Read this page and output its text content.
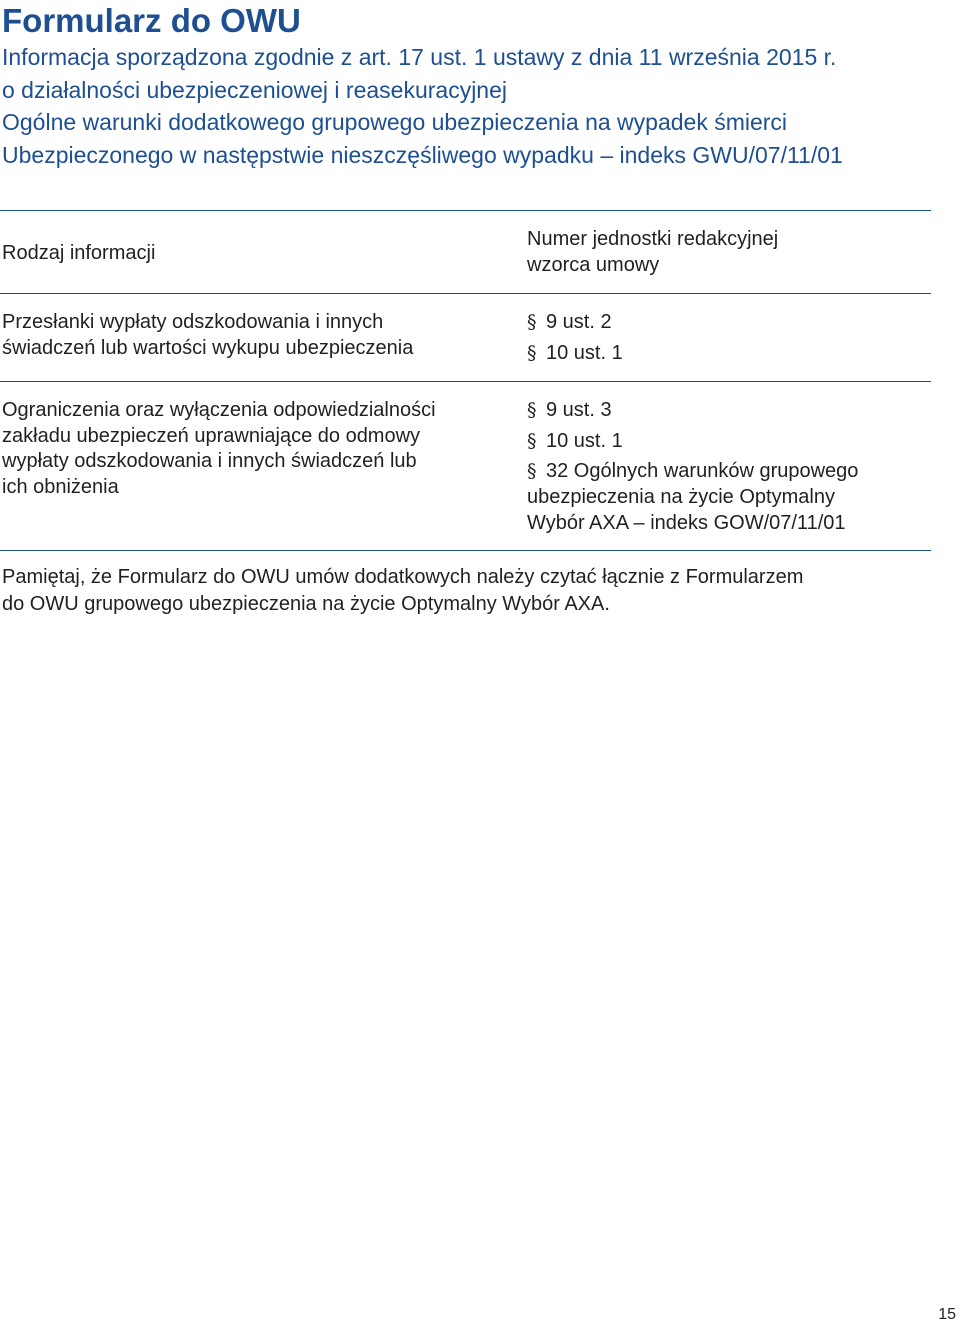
Formularz do OWU
Informacja sporządzona zgodnie z art. 17 ust. 1 ustawy z dnia 11 września 2015 r.
o działalności ubezpieczeniowej i reasekuracyjnej
Ogólne warunki dodatkowego grupowego ubezpieczenia na wypadek śmierci
Ubezpieczonego w następstwie nieszczęśliwego wypadku – indeks GWU/07/11/01
Rodzaj informacji
Numer jednostki redakcyjnej
wzorca umowy
Przesłanki wypłaty odszkodowania i innych
świadczeń lub wartości wykupu ubezpieczenia
§ 9 ust. 2
§ 10 ust. 1
Ograniczenia oraz wyłączenia odpowiedzialności
zakładu ubezpieczeń uprawniające do odmowy
wypłaty odszkodowania i innych świadczeń lub
ich obniżenia
§ 9 ust. 3
§ 10 ust. 1
§ 32 Ogólnych warunków grupowego
ubezpieczenia na życie Optymalny
Wybór AXA – indeks GOW/07/11/01
Pamiętaj, że Formularz do OWU umów dodatkowych należy czytać łącznie z Formularzem
do OWU grupowego ubezpieczenia na życie Optymalny Wybór AXA.
15
